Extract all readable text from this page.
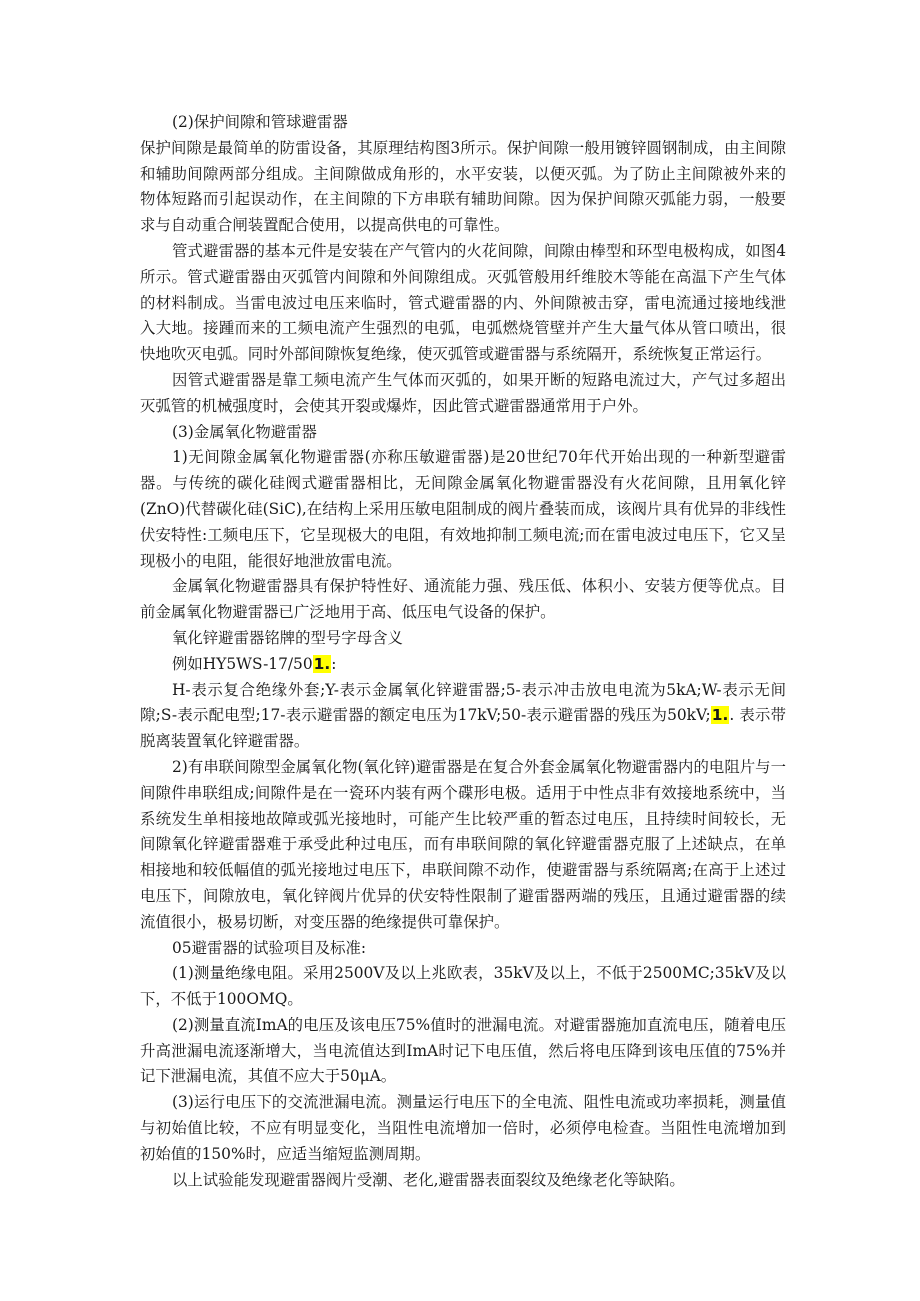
(2)保护间隙和管球避雷器

保护间隙是最简单的防雷设备，其原理结构图3所示。保护间隙一般用镀锌圆钢制成，由主间隙和辅助间隙两部分组成。主间隙做成角形的，水平安装，以便灭弧。为了防止主间隙被外来的物体短路而引起误动作，在主间隙的下方串联有辅助间隙。因为保护间隙灭弧能力弱，一般要求与自动重合闸装置配合使用，以提高供电的可靠性。

管式避雷器的基本元件是安装在产气管内的火花间隙，间隙由棒型和环型电极构成，如图4所示。管式避雷器由灭弧管内间隙和外间隙组成。灭弧管般用纤维胶木等能在高温下产生气体的材料制成。当雷电波过电压来临时，管式避雷器的内、外间隙被击穿，雷电流通过接地线泄入大地。接踵而来的工频电流产生强烈的电弧，电弧燃烧管壁并产生大量气体从管口喷出，很快地吹灭电弧。同时外部间隙恢复绝缘，使灭弧管或避雷器与系统隔开，系统恢复正常运行。

因管式避雷器是靠工频电流产生气体而灭弧的，如果开断的短路电流过大，产气过多超出灭弧管的机械强度时，会使其开裂或爆炸，因此管式避雷器通常用于户外。

(3)金属氧化物避雷器

1)无间隙金属氧化物避雷器(亦称压敏避雷器)是20世纪70年代开始出现的一种新型避雷器。与传统的碳化硅阀式避雷器相比，无间隙金属氧化物避雷器没有火花间隙，且用氧化锌(ZnO)代替碳化硅(SiC),在结构上采用压敏电阻制成的阀片叠装而成，该阀片具有优异的非线性伏安特性:工频电压下，它呈现极大的电阻，有效地抑制工频电流;而在雷电波过电压下，它又呈现极小的电阻，能很好地泄放雷电流。

金属氧化物避雷器具有保护特性好、通流能力强、残压低、体积小、安装方便等优点。目前金属氧化物避雷器已广泛地用于高、低压电气设备的保护。

氧化锌避雷器铭牌的型号字母含义

例如HY5WS-17/501.:

H-表示复合绝缘外套;Y-表示金属氧化锌避雷器;5-表示冲击放电电流为5kA;W-表示无间隙;S-表示配电型;17-表示避雷器的额定电压为17kV;50-表示避雷器的残压为50kV;1.. 表示带脱离装置氧化锌避雷器。

2)有串联间隙型金属氧化物(氧化锌)避雷器是在复合外套金属氧化物避雷器内的电阻片与一间隙件串联组成;间隙件是在一瓷环内装有两个碟形电极。适用于中性点非有效接地系统中，当系统发生单相接地故障或弧光接地时，可能产生比较严重的暂态过电压，且持续时间较长，无间隙氧化锌避雷器难于承受此种过电压，而有串联间隙的氧化锌避雷器克服了上述缺点，在单相接地和较低幅值的弧光接地过电压下，串联间隙不动作，使避雷器与系统隔离;在高于上述过电压下，间隙放电，氧化锌阀片优异的伏安特性限制了避雷器两端的残压，且通过避雷器的续流值很小，极易切断，对变压器的绝缘提供可靠保护。

05避雷器的试验项目及标准:

(1)测量绝缘电阻。采用2500V及以上兆欧表，35kV及以上，不低于2500MC;35kV及以下，不低于100OMQ。

(2)测量直流ImA的电压及该电压75%值时的泄漏电流。对避雷器施加直流电压，随着电压升高泄漏电流逐渐增大，当电流值达到ImA时记下电压值，然后将电压降到该电压值的75%并记下泄漏电流，其值不应大于50μA。

(3)运行电压下的交流泄漏电流。测量运行电压下的全电流、阻性电流或功率损耗，测量值与初始值比较，不应有明显变化，当阻性电流增加一倍时，必须停电检查。当阻性电流增加到初始值的150%时，应适当缩短监测周期。

以上试验能发现避雷器阀片受潮、老化,避雷器表面裂纹及绝缘老化等缺陷。
